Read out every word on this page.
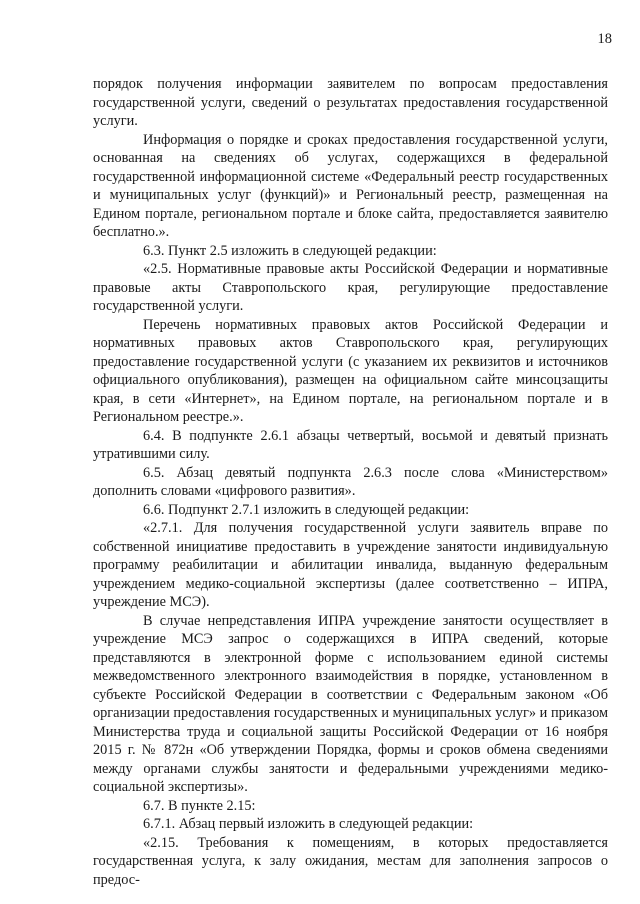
18

порядок получения информации заявителем по вопросам предоставления государственной услуги, сведений о результатах предоставления государственной услуги.

Информация о порядке и сроках предоставления государственной услуги, основанная на сведениях об услугах, содержащихся в федеральной государственной информационной системе «Федеральный реестр государственных и муниципальных услуг (функций)» и Региональный реестр, размещенная на Едином портале, региональном портале и блоке сайта, предоставляется заявителю бесплатно.».

6.3. Пункт 2.5 изложить в следующей редакции:

«2.5. Нормативные правовые акты Российской Федерации и нормативные правовые акты Ставропольского края, регулирующие предоставление государственной услуги.

Перечень нормативных правовых актов Российской Федерации и нормативных правовых актов Ставропольского края, регулирующих предоставление государственной услуги (с указанием их реквизитов и источников официального опубликования), размещен на официальном сайте минсоцзащиты края, в сети «Интернет», на Едином портале, на региональном портале и в Региональном реестре.».

6.4. В подпункте 2.6.1 абзацы четвертый, восьмой и девятый признать утратившими силу.

6.5. Абзац девятый подпункта 2.6.3 после слова «Министерством» дополнить словами «цифрового развития».

6.6. Подпункт 2.7.1 изложить в следующей редакции:

«2.7.1. Для получения государственной услуги заявитель вправе по собственной инициативе предоставить в учреждение занятости индивидуальную программу реабилитации и абилитации инвалида, выданную федеральным учреждением медико-социальной экспертизы (далее соответственно – ИПРА, учреждение МСЭ).

В случае непредставления ИПРА учреждение занятости осуществляет в учреждение МСЭ запрос о содержащихся в ИПРА сведений, которые представляются в электронной форме с использованием единой системы межведомственного электронного взаимодействия в порядке, установленном в субъекте Российской Федерации в соответствии с Федеральным законом «Об организации предоставления государственных и муниципальных услуг» и приказом Министерства труда и социальной защиты Российской Федерации от 16 ноября 2015 г. № 872н «Об утверждении Порядка, формы и сроков обмена сведениями между органами службы занятости и федеральными учреждениями медико-социальной экспертизы».

6.7. В пункте 2.15:

6.7.1. Абзац первый изложить в следующей редакции:

«2.15. Требования к помещениям, в которых предоставляется государственная услуга, к залу ожидания, местам для заполнения запросов о предос-
